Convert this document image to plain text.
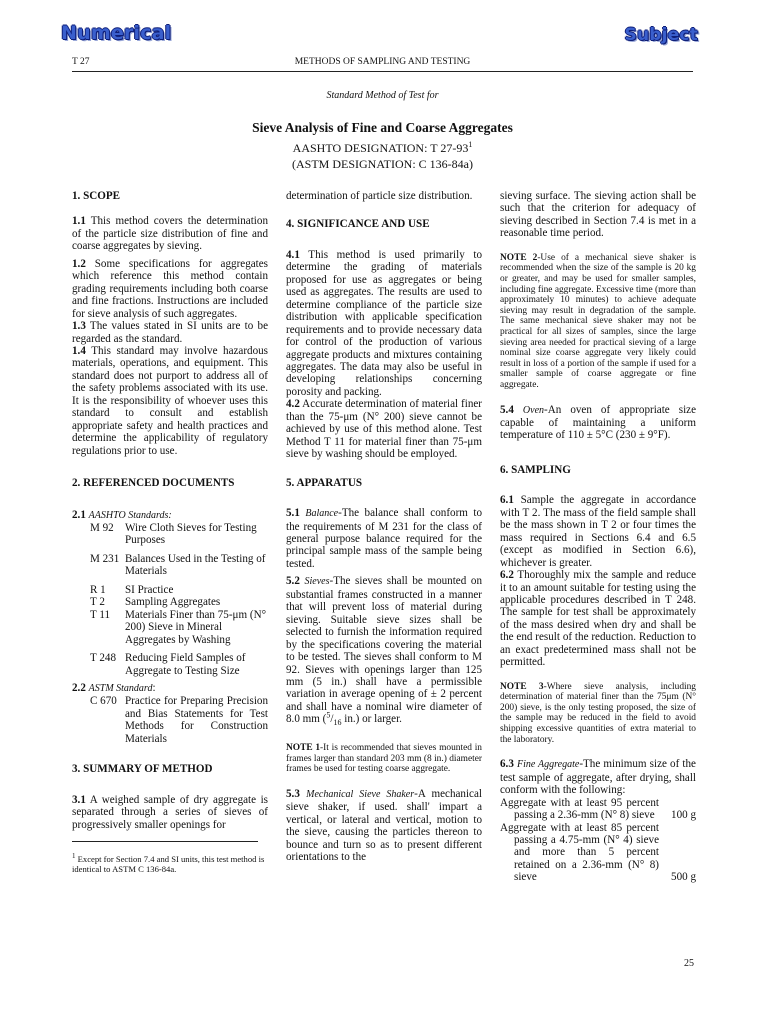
Numerical	Subject
T 27	METHODS OF SAMPLING AND TESTING
Standard Method of Test for
Sieve Analysis of Fine and Coarse Aggregates
AASHTO DESIGNATION: T $27-93^1$
(ASTM DESIGNATION: C 136-84a)
1. SCOPE

1.1 This method covers the determination of the particle size distribution of fine and coarse aggregates by sieving.

1.2 Some specifications for aggregates which reference this method contain grading requirements including both coarse and fine fractions. Instructions are included for sieve analysis of such aggregates.

1.3 The values stated in SI units are to be regarded as the standard.

1.4 This standard may involve hazardous materials, operations, and equipment. This standard does not purport to address all of the safety problems associated with its use. It is the responsibility of whoever uses this standard to consult and establish appropriate safety and health practices and determine the applicability of regulatory regulations prior to use.

2. REFERENCED DOCUMENTS

2.1 AASHTO Standards:

M 92	Wire Cloth Sieves for Testing Purposes
M 231	Balances Used in the Testing of Materials
R 1	SI Practice
T 2	Sampling Aggregates
T 11	Materials Finer than 75-μm (N° 200) Sieve in Mineral Aggregates by Washing
T 248	Reducing Field Samples of Aggregate to Testing Size

2.2 ASTM Standard:

C 670	Practice for Preparing Precision and Bias Statements for Test Methods for Construction Materials
3. SUMMARY OF METHOD

3.1 A weighed sample of dry aggregate is separated through a series of sieves of progressively smaller openings for

$^1$ Except for Section 7.4 and SI units, this test method is identical to ASTM C 136-84a.

determination of particle size distribution.

4. SIGNIFICANCE AND USE

4.1 This method is used primarily to determine the grading of materials proposed for use as aggregates or being used as aggregates. The results are used to determine compliance of the particle size distribution with applicable specification requirements and to provide necessary data for control of the production of various aggregate products and mixtures containing aggregates. The data may also be useful in developing relationships concerning porosity and packing.

4.2 Accurate determination of material finer than the 75-μm (N° 200) sieve cannot be achieved by use of this method alone. Test Method T 11 for material finer than 75-μm sieve by washing should be employed.

5. APPARATUS

5.1 Balance-The balance shall conform to the requirements of M 231 for the class of general purpose balance required for the principal sample mass of the sample being tested.

5.2 Sieves-The sieves shall be mounted on substantial frames constructed in a manner that will prevent loss of material during sieving. Suitable sieve sizes shall be selected to furnish the information required by the specifications covering the material to be tested. The sieves shall conform to M 92. Sieves with openings larger than 125 mm (5 in.) shall have a permissible variation in average opening of ± 2 percent and shall have a nominal wire diameter of 8.0 mm ($^5/_{16}$ in.) or larger.

NOTE 1-It is recommended that sieves mounted in frames larger than standard 203 mm (8 in.) diameter frames be used for testing coarse aggregate.

5.3 Mechanical Sieve Shaker-A mechanical sieve shaker, if used. shall' impart a vertical, or lateral and vertical, motion to the sieve, causing the particles thereon to bounce and turn so as to present different orientations to the

sieving surface. The sieving action shall be such that the criterion for adequacy of sieving described in Section 7.4 is met in a reasonable time period.

NOTE 2-Use of a mechanical sieve shaker is recommended when the size of the sample is 20 kg or greater, and may be used for smaller samples, including fine aggregate. Excessive time (more than approximately 10 minutes) to achieve adequate sieving may result in degradation of the sample. The same mechanical sieve shaker may not be practical for all sizes of samples, since the large sieving area needed for practical sieving of a large nominal size coarse aggregate very likely could result in loss of a portion of the sample if used for a smaller sample of coarse aggregate or fine aggregate.

5.4 Oven-An oven of appropriate size capable of maintaining a uniform temperature of 110 ± 5°C (230 ± 9°F).

6. SAMPLING

6.1 Sample the aggregate in accordance with T 2. The mass of the field sample shall be the mass shown in T 2 or four times the mass required in Sections 6.4 and 6.5 (except as modified in Section 6.6), whichever is greater.

6.2 Thoroughly mix the sample and reduce it to an amount suitable for testing using the applicable procedures described in T 248. The sample for test shall be approximately of the mass desired when dry and shall be the end result of the reduction. Reduction to an exact predetermined mass shall not be permitted.

NOTE 3-Where sieve analysis, including determination of material finer than the 75μm (N° 200) sieve, is the only testing proposed, the size of the sample may be reduced in the field to avoid shipping excessive quantities of extra material to the laboratory.

6.3 Fine Aggregate-The minimum size of the test sample of aggregate, after drying, shall conform with the following:

Aggregate with at least 95 percent passing a 2.36-mm (N° 8) sieve	100 g

Aggregate with at least 85 percent passing a 4.75-mm (N° 4) sieve and more than 5 percent retained on a 2.36-mm (N° 8) sieve	500 g
25
